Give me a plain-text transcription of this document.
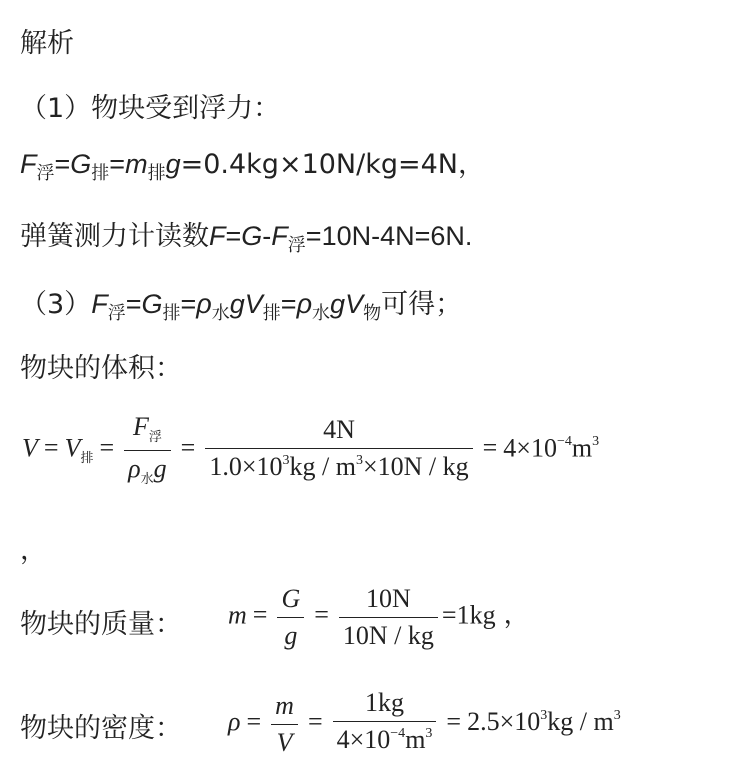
解析
（1）物块受到浮力：
$F_浮=G_排=m_排g=0.4kg\times 10N/kg=4N$，
弹簧测力计读数$F=G-F_浮=10N-4N=6N$.
$(3)F_浮=G_排=\rho_水gV_排=\rho_水gV_物$可得；
物块的体积：
$V = V_排 = \frac{F_浮}{\rho_水g} = \frac{4N}{1.0\times 10^3kg / m^3\times 10N / kg} = 4\times 10^{-4}m^3$
，
物块的质量： $m = \frac{G}{g} = \frac{10N}{10N / kg} =1kg$ ，
物块的密度： $\rho = \frac{m}{V} = \frac{1kg}{4\times 10^{-4}m^3} = 2.5\times 10^3kg / m^3$
